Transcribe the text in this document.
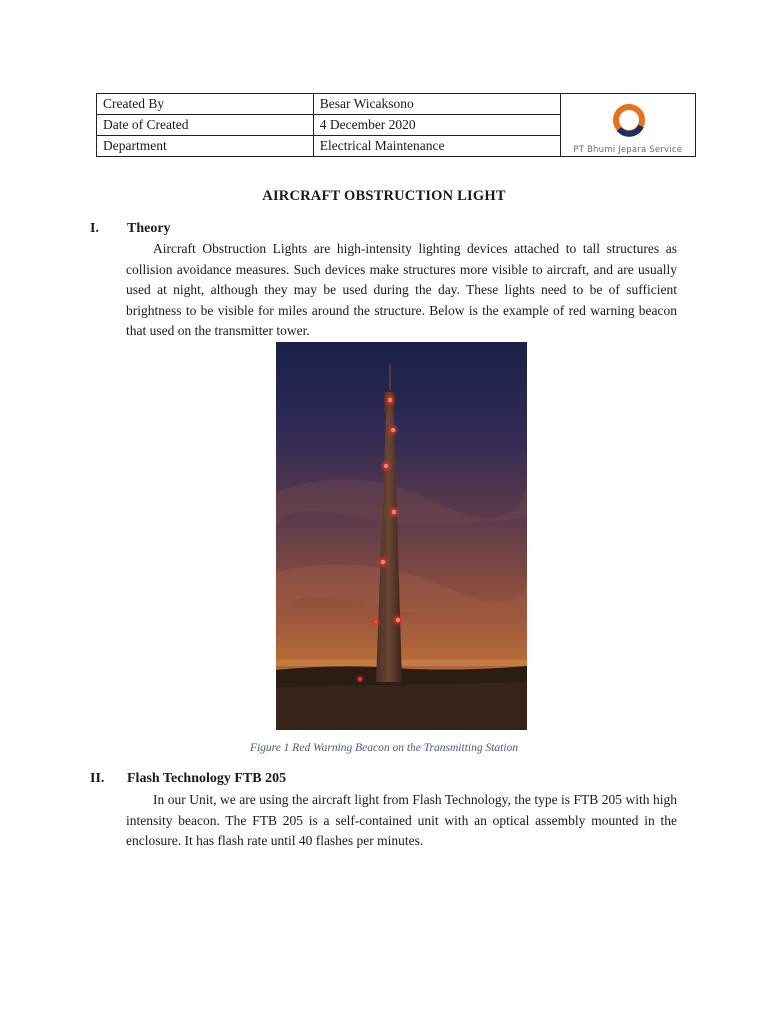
Created By	Besar Wicaksono	PT Bhumi Jepara Service

Date of Created	4 December 2020	
Department	Electrical Maintenance	
AIRCRAFT OBSTRUCTION LIGHT
I. Theory
Aircraft Obstruction Lights are high-intensity lighting devices attached to tall structures as collision avoidance measures. Such devices make structures more visible to aircraft, and are usually used at night, although they may be used during the day. These lights need to be of sufficient brightness to be visible for miles around the structure. Below is the example of red warning beacon that used on the transmitter tower.
Figure 1 Red Warning Beacon on the Transmitting Station
II. Flash Technology FTB 205
In our Unit, we are using the aircraft light from Flash Technology, the type is FTB 205 with high intensity beacon. The FTB 205 is a self-contained unit with an optical assembly mounted in the enclosure. It has flash rate until 40 flashes per minutes.
